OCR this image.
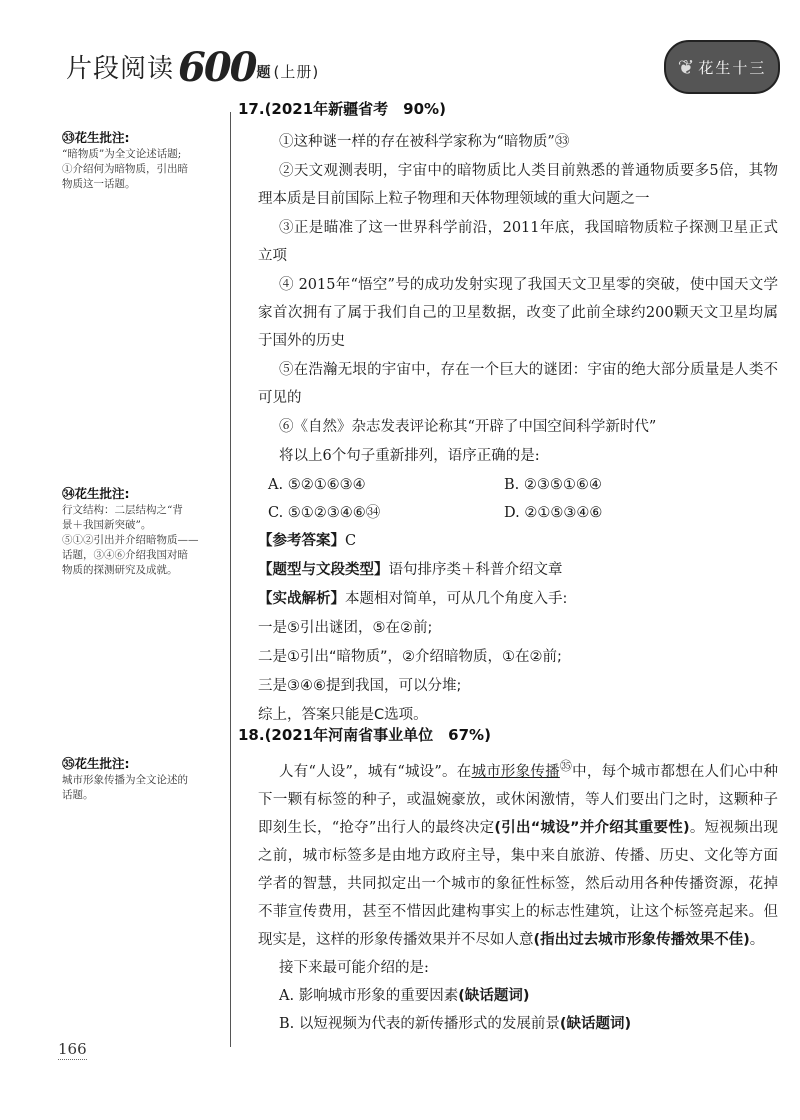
片段阅读 600题 (上册)	❦ 花生十三
㉝花生批注:
“暗物质”为全文论述话题;
①介绍何为暗物质，引出暗
物质这一话题。
㉞花生批注:
行文结构：二层结构之“背
景＋我国新突破”。
⑤①②引出并介绍暗物质——
话题，③④⑥介绍我国对暗
物质的探测研究及成就。
㉟花生批注:
城市形象传播为全文论述的
话题。
17.(2021年新疆省考　90%)

①这种谜一样的存在被科学家称为“暗物质”㉝

②天文观测表明，宇宙中的暗物质比人类目前熟悉的普通物质要多5倍，其物理本质是目前国际上粒子物理和天体物理领域的重大问题之一

③正是瞄准了这一世界科学前沿，2011年底，我国暗物质粒子探测卫星正式立项

④ 2015年“悟空”号的成功发射实现了我国天文卫星零的突破，使中国天文学家首次拥有了属于我们自己的卫星数据，改变了此前全球约200颗天文卫星均属于国外的历史

⑤在浩瀚无垠的宇宙中，存在一个巨大的谜团：宇宙的绝大部分质量是人类不可见的

⑥《自然》杂志发表评论称其“开辟了中国空间科学新时代”

将以上6个句子重新排列，语序正确的是:

A. ⑤②①⑥③④	B. ②③⑤①⑥④
C. ⑤①②③④⑥㉞	D. ②①⑤③④⑥

【参考答案】C

【题型与文段类型】语句排序类＋科普介绍文章

【实战解析】本题相对简单，可从几个角度入手:

一是⑤引出谜团，⑤在②前;

二是①引出“暗物质”，②介绍暗物质，①在②前;

三是③④⑥提到我国，可以分堆;

综上，答案只能是C选项。

18.(2021年河南省事业单位　67%)

人有“人设”，城有“城设”。在城市形象传播$^㉟$中，每个城市都想在人们心中种下一颗有标签的种子，或温婉豪放，或休闲激情，等人们要出门之时，这颗种子即刻生长，“抢夺”出行人的最终决定(引出“城设”并介绍其重要性)。短视频出现之前，城市标签多是由地方政府主导，集中来自旅游、传播、历史、文化等方面学者的智慧，共同拟定出一个城市的象征性标签，然后动用各种传播资源，花掉不菲宣传费用，甚至不惜因此建构事实上的标志性建筑，让这个标签亮起来。但现实是，这样的形象传播效果并不尽如人意(指出过去城市形象传播效果不佳)。

接下来最可能介绍的是:

A. 影响城市形象的重要因素(缺话题词)

B. 以短视频为代表的新传播形式的发展前景(缺话题词)

166
